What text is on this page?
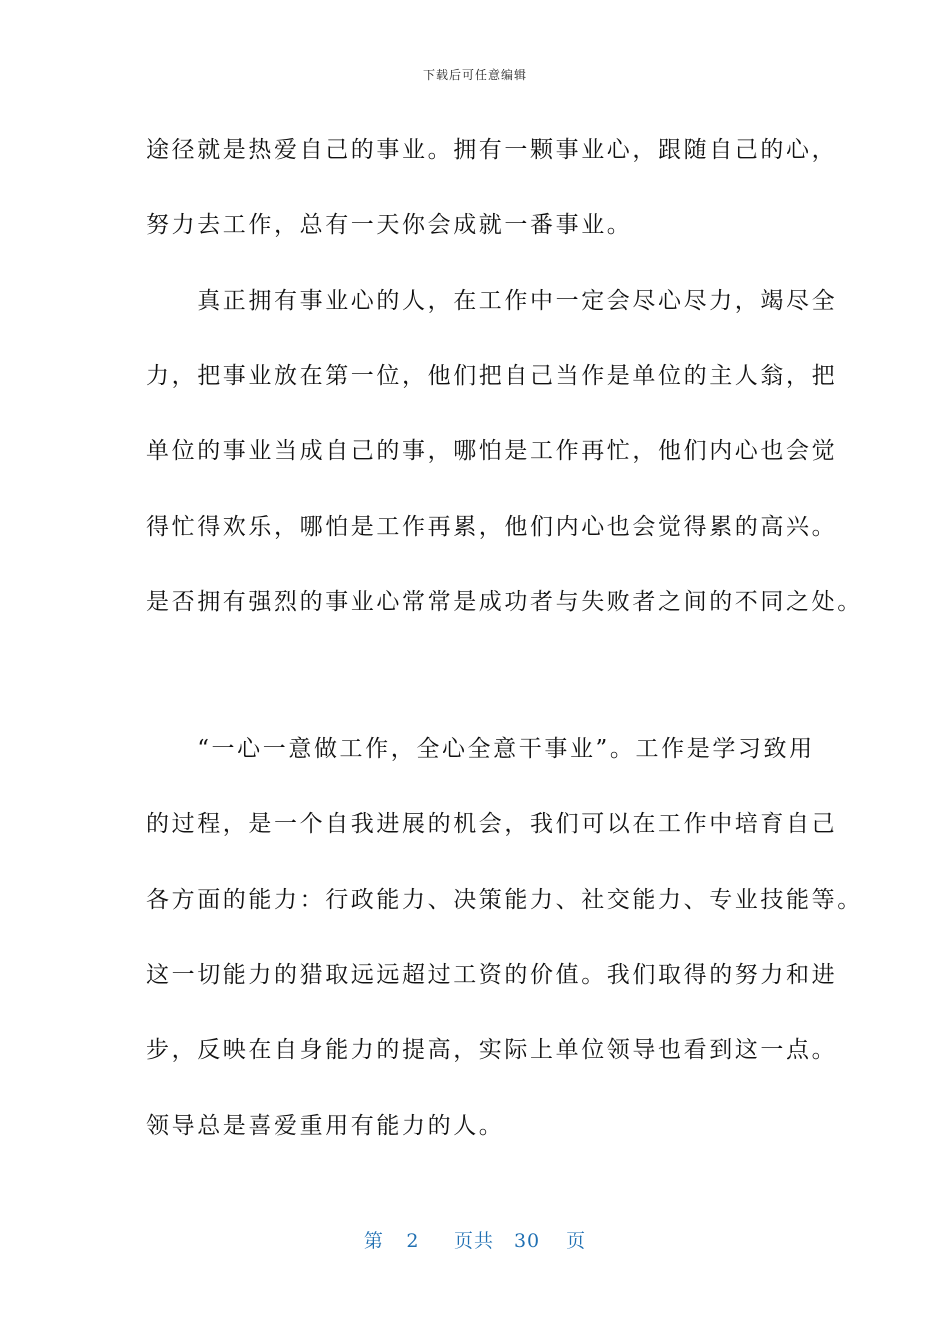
下载后可任意编辑
途径就是热爱自己的事业。拥有一颗事业心，跟随自己的心，
努力去工作，总有一天你会成就一番事业。
　　真正拥有事业心的人，在工作中一定会尽心尽力，竭尽全
力，把事业放在第一位，他们把自己当作是单位的主人翁，把
单位的事业当成自己的事，哪怕是工作再忙，他们内心也会觉
得忙得欢乐，哪怕是工作再累，他们内心也会觉得累的高兴。
是否拥有强烈的事业心常常是成功者与失败者之间的不同之处。
　　“一心一意做工作，全心全意干事业”。工作是学习致用
的过程，是一个自我进展的机会，我们可以在工作中培育自己
各方面的能力：行政能力、决策能力、社交能力、专业技能等。
这一切能力的猎取远远超过工资的价值。我们取得的努力和进
步，反映在自身能力的提高，实际上单位领导也看到这一点。
领导总是喜爱重用有能力的人。
第 2 页共 30 页
